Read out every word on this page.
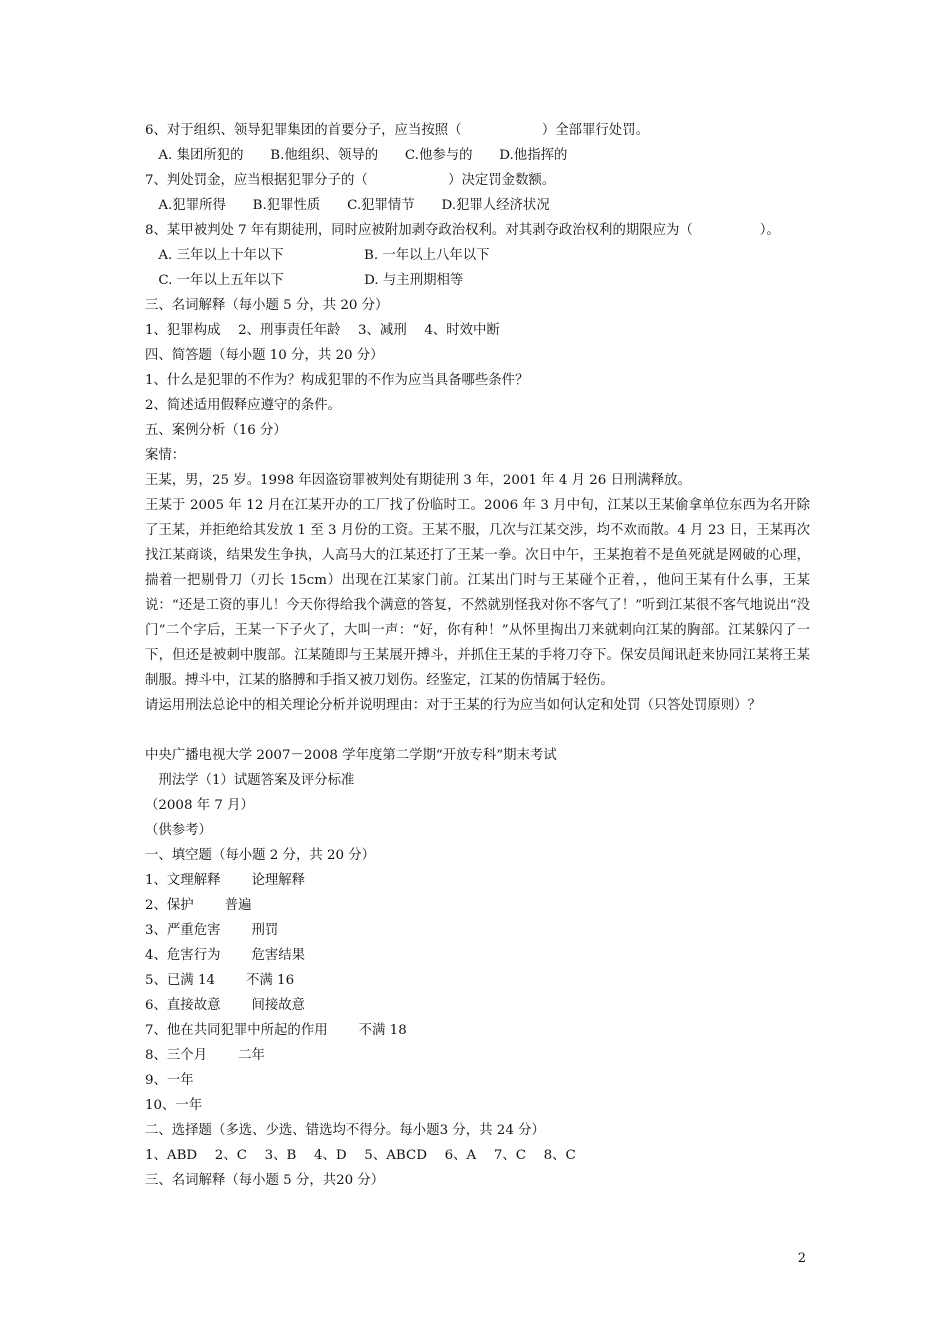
6、对于组织、领导犯罪集团的首要分子，应当按照（　　　　　　）全部罪行处罚。
　A. 集团所犯的　　B.他组织、领导的　　C.他参与的　　D.他指挥的
7、判处罚金，应当根据犯罪分子的（　　　　　　）决定罚金数额。
　A.犯罪所得　　B.犯罪性质　　C.犯罪情节　　D.犯罪人经济状况
8、某甲被判处 7 年有期徒刑，同时应被附加剥夺政治权利。对其剥夺政治权利的期限应为（　　　　　）。
　A. 三年以上十年以下　　　　　　B. 一年以上八年以下
　C. 一年以上五年以下　　　　　　D. 与主刑期相等
三、名词解释（每小题 5 分，共 20 分）
1、犯罪构成　 2、刑事责任年龄　 3、减刑　 4、时效中断
四、简答题（每小题 10 分，共 20 分）
1、什么是犯罪的不作为？构成犯罪的不作为应当具备哪些条件？
2、简述适用假释应遵守的条件。
五、案例分析（16 分）
案情：

王某，男，25 岁。1998 年因盗窃罪被判处有期徒刑 3 年，2001 年 4 月 26 日刑满释放。

王某于 2005 年 12 月在江某开办的工厂找了份临时工。2006 年 3 月中旬，江某以王某偷拿单位东西为名开除了王某，并拒绝给其发放 1 至 3 月份的工资。王某不服，几次与江某交涉，均不欢而散。4 月 23 日，王某再次找江某商谈，结果发生争执，人高马大的江某还打了王某一拳。次日中午，王某抱着不是鱼死就是网破的心理，揣着一把剔骨刀（刃长 15cm）出现在江某家门前。江某出门时与王某碰个正着，，他问王某有什么事，王某说：“还是工资的事儿！今天你得给我个满意的答复，不然就别怪我对你不客气了！”听到江某很不客气地说出“没门”二个字后，王某一下子火了，大叫一声：“好，你有种！”从怀里掏出刀来就刺向江某的胸部。江某躲闪了一下，但还是被刺中腹部。江某随即与王某展开搏斗，并抓住王某的手将刀夺下。保安员闻讯赶来协同江某将王某制服。搏斗中，江某的胳膊和手指又被刀划伤。经鉴定，江某的伤情属于轻伤。

请运用刑法总论中的相关理论分析并说明理由：对于王某的行为应当如何认定和处罚（只答处罚原则）？

中央广播电视大学 2007－2008 学年度第二学期“开放专科”期末考试
　刑法学（1）试题答案及评分标准
（2008 年 7 月）
（供参考）
一、填空题（每小题 2 分，共 20 分）
1、文理解释　　 论理解释
2、保护　　 普遍
3、严重危害　　 刑罚
4、危害行为　　 危害结果
5、已满 14　　 不满 16
6、直接故意　　 间接故意
7、他在共同犯罪中所起的作用　　 不满 18
8、三个月　　 二年
9、一年
10、一年
二、选择题（多选、少选、错选均不得分。每小题3 分，共 24 分）
1、ABD　 2、C　 3、B　 4、D　 5、ABCD　 6、A　 7、C　 8、C
三、名词解释（每小题 5 分，共20 分）
2
